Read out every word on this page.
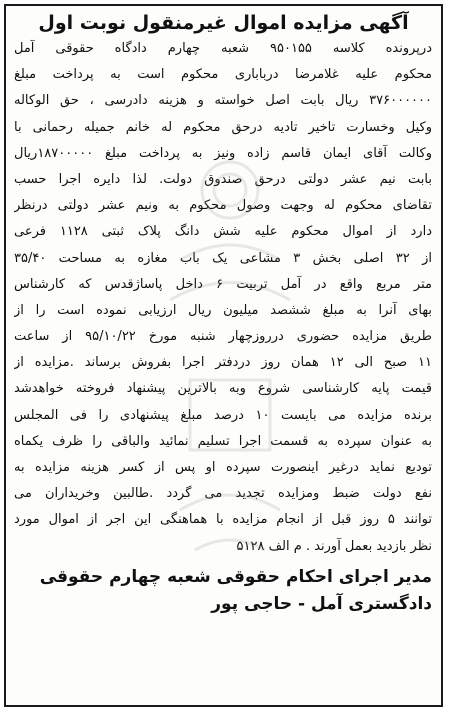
آگهی مزایده اموال غیرمنقول نوبت اول
درپرونده کلاسه ۹۵۰۱۵۵ شعبه چهارم دادگاه حقوقی آمل
محکوم علیه غلامرضا درباباری محکوم است به پرداخت مبلغ
۳۷۶۰۰۰۰۰۰ ریال بابت اصل خواسته و هزینه دادرسی ، حق الوکاله
وکیل وخسارت تاخیر تادیه درحق محکوم له خانم جمیله رحمانی با
وکالت آقای ایمان قاسم زاده ونیز به پرداخت مبلغ ۱۸۷۰۰۰۰۰ریال
بابت نیم عشر دولتی درحق صندوق دولت. لذا دایره اجرا حسب
تقاضای محکوم له وجهت وصول محکوم به ونیم عشر دولتی درنظر
دارد از اموال محکوم علیه شش دانگ پلاک ثبتی ۱۱۲۸ فرعی
از ۳۲ اصلی بخش ۳ مشاعی یک باب مغازه به مساحت ۳۵/۴۰
متر مربع واقع در آمل تربیت ۶ داخل پاساژقدس که کارشناس
بهای آنرا به مبلغ ششصد میلیون ریال ارزیابی نموده است را از
طریق مزایده حضوری درروزچهار شنبه مورخ ۹۵/۱۰/۲۲ از ساعت
۱۱ صبح الی ۱۲ همان روز دردفتر اجرا بفروش برساند .مزایده از
قیمت پایه کارشناسی شروع وبه بالاترین پیشنهاد فروخته خواهدشد
برنده مزایده می بایست ۱۰ درصد مبلغ پیشنهادی را فی المجلس
به عنوان سپرده به قسمت اجرا تسلیم نمائید والباقی را ظرف یکماه
تودیع نماید درغیر اینصورت سپرده او پس از کسر هزینه مزایده به
نفع دولت ضبط ومزایده تجدید می گردد .طالبین وخریداران می
توانند ۵ روز قبل از انجام مزایده با هماهنگی این اجر از اموال مورد
نظر بازدید بعمل آورند . م الف ۵۱۲۸
مدیر اجرای احکام حقوقی شعبه چهارم حقوقی
دادگستری آمل - حاجی پور
